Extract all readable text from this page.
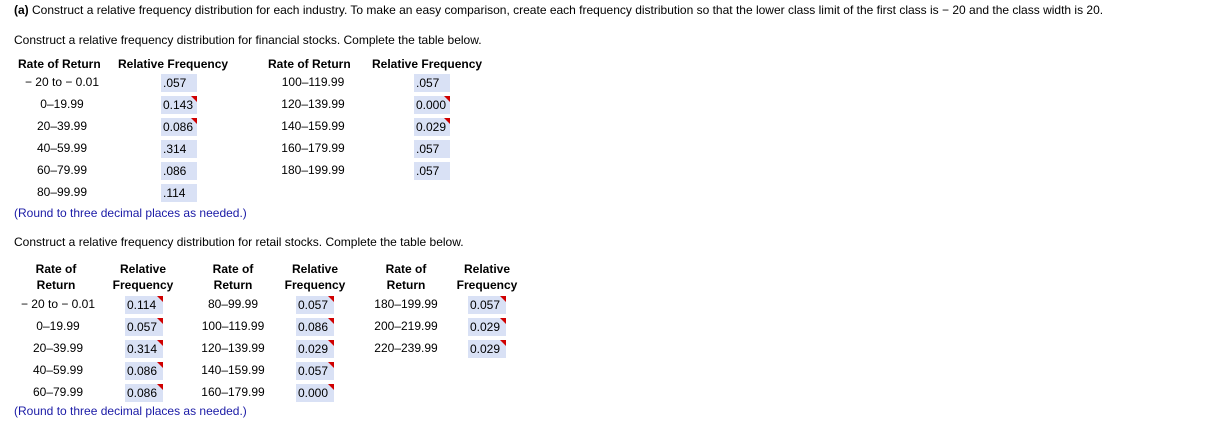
(a) Construct a relative frequency distribution for each industry. To make an easy comparison, create each frequency distribution so that the lower class limit of the first class is − 20 and the class width is 20.
Construct a relative frequency distribution for financial stocks. Complete the table below.
Rate of Return Relative Frequency	Rate of Return Relative Frequency
− 20 to − 0.01	.057
0–19.99	0.143
20–39.99	0.086
40–59.99	.314
60–79.99	.086
80–99.99	.114
100–119.99	.057
120–139.99	0.000
140–159.99	0.029
160–179.99	.057
180–199.99	.057
(Round to three decimal places as needed.)
Construct a relative frequency distribution for retail stocks. Complete the table below.
Rate of
Return
Relative
Frequency
Rate of
Return
Relative
Frequency
Rate of
Return
Relative
Frequency
− 20 to − 0.01	0.114
0–19.99	0.057
20–39.99	0.314
40–59.99	0.086
60–79.99	0.086
80–99.99	0.057
100–119.99	0.086
120–139.99	0.029
140–159.99	0.057
160–179.99	0.000
180–199.99	0.057
200–219.99	0.029
220–239.99	0.029
(Round to three decimal places as needed.)
